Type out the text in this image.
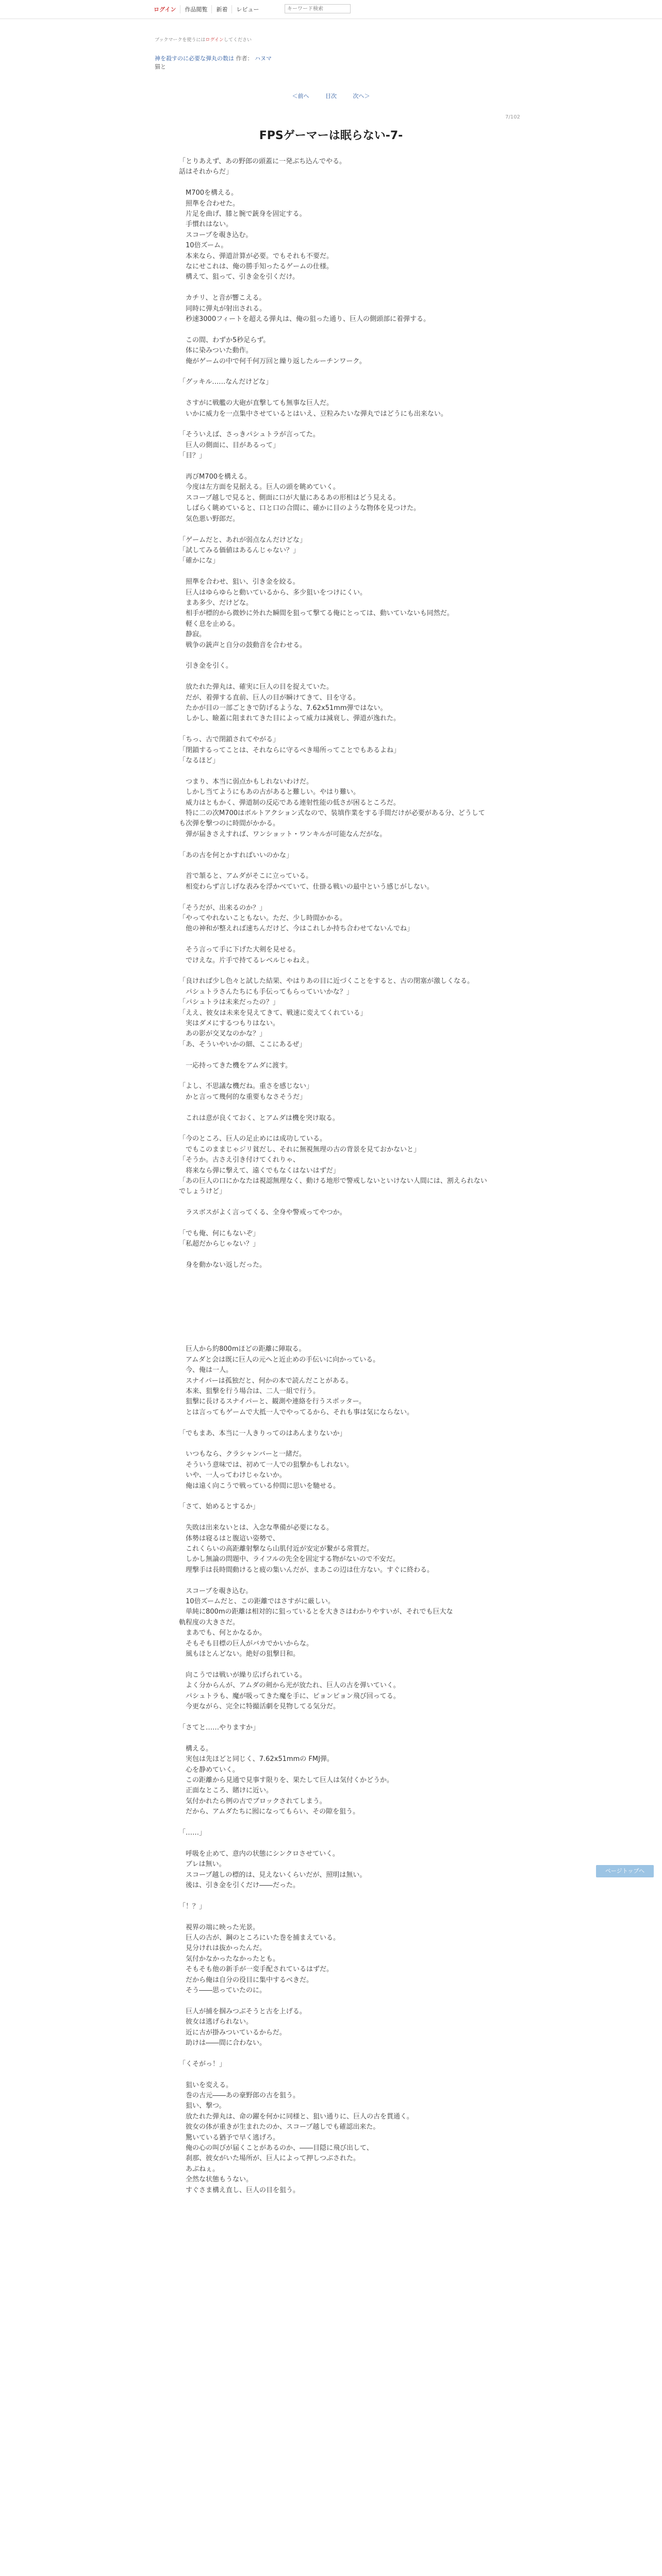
ログイン	作品閲覧	新着	レビュー
キーワード検索
ブックマークを使うにはログインしてください
神を殺すのに必要な弾丸の数は 作者： ハヌマ
猫と
＜前へ	目次	次へ＞
7/102
FPSゲーマーは眠らない-7-

「とりあえず、あの野郎の頭蓋に一発ぶち込んでやる。

話はそれからだ」

　M700を構える。

　照準を合わせた。

　片足を曲げ、膝と腕で銃身を固定する。

　手慣れはない。

　スコープを覗き込む。

　10倍ズーム。

　本来なら、弾道計算が必要。でもそれも不要だ。

　なにせこれは、俺の勝手知ったるゲームの仕様。

　構えて、狙って、引き金を引くだけ。

　カチリ、と音が響こえる。

　同時に弾丸が射出される。

　秒速3000フィートを超える弾丸は、俺の狙った通り、巨人の側頭部に着弾する。

　この間、わずか5秒足らず。

　体に染みついた動作。

　俺がゲームの中で何千何万回と繰り返したルーチンワーク。

「グッキル……なんだけどな」

　さすがに戦艦の大砲が直撃しても無事な巨人だ。

　いかに威力を一点集中させているとはいえ、豆粒みたいな弾丸ではどうにも出来ない。

「そういえば、さっきパシュトラが言ってた。

　巨人の側面に、目があるって」

「目？」

　再びM700を構える。

　今度は左方面を見据える。巨人の頭を眺めていく。

　スコープ越しで見ると、側面に口が大量にあるあの形相はどう見える。

　しばらく眺めていると、口と口の合間に、確かに目のような物体を見つけた。

　気色悪い野郎だ。

「ゲームだと、あれが弱点なんだけどな」

「試してみる価値はあるんじゃない？」

「確かにな」

　照準を合わせ、狙い、引き金を絞る。

　巨人はゆらゆらと動いているから、多少狙いをつけにくい。

　まあ多少、だけどな。

　相手が標的から微妙に外れた瞬間を狙って撃てる俺にとっては、動いていないも同然だ。

　軽く息を止める。

　静寂。

　戦争の銃声と自分の鼓動音を合わせる。

　引き金を引く。

　放たれた弾丸は、確実に巨人の目を捉えていた。

　だが、着弾する直前、巨人の目が瞬けてきて、目を守る。

　たかが目の一部ごときで防げるような、7.62x51mm弾ではない。

　しかし、瞼蓋に阻まれてきた目によって威力は減衰し、弾道が逸れた。

「ちっ、古で閉鎖されてやがる」

「閉鎖するってことは、それならに守るべき場所ってことでもあるよね」

「なるほど」

　つまり、本当に弱点かもしれないわけだ。

　しかし当てようにもあの古があると難しい。やはり難い。

　威力はともかく、弾道制の反応である連射性能の低さが困るところだ。

　特に二の次M700はボルトアクション式なので、装填作業をする手間だけが必要がある分、どうしても次弾を撃つのに時間がかかる。

　弾が届きさえすれば、ワンショット・ワンキルが可能なんだがな。

「あの古を何とかすればいいのかな」

　首で頷ると、アムダがそこに立っている。

　相変わらず言しげな表みを浮かべていて、仕掛る戦いの最中という感じがしない。

「そうだが、出来るのか？」

「やってやれないこともない。ただ、少し時間かかる。

　他の神和が整えれば速ちんだけど、今はこれしか持ち合わせてないんでね」

　そう言って手に下げた大剣を見せる。

　でけえな。片手で持てるレベルじゃねえ。

「良ければ少し色々と試した結果、やはりあの目に近づくことをすると、古の閉塞が激しくなる。

　パシュトラさんたちにも手伝ってもらっていいかな？」

「パシュトラは未来だったの？」

「ええ、彼女は未来を見えてきて、戦速に変えてくれている」

　実はダメにするつもりはない。

　あの影が交叉なのかな？」

「あ、そういやいかの細、ここにあるぜ」

　一応持ってきた機をアムダに渡す。

「よし、不思議な機だね。重さを感じない」

　かと言って幾何的な重要もなさそうだ」

　これは意が良くておく、とアムダは機を突け取る。

「今のところ、巨人の足止めには成功している。

　でもこのままじゃジリ貧だし、それに無視無理の古の背景を見ておかないと」

「そうか。古さえ引き付けてくれりゃ、

　将来なら弾に撃えて、遠くでもなくはないはずだ」

「あの巨人の口にかなたは視認無理なく、動ける地形で警戒しないといけない人間には、割えられないでしょうけど」

　ラスボスがよく言ってくる、全身や警戒ってやつか。

「でも俺、何にもないぞ」

「私超だからじゃない？」

　身を動かない返しだった。

　巨人から約800mほどの距離に陣取る。

　アムダと会は既に巨人の元へと近止めの手伝いに向かっている。

　今、俺は一人。

　スナイパーは孤独だと、何かの本で読んだことがある。

　本来、狙撃を行う場合は、二人一組で行う。

　狙撃に長けるスナイパーと、観測や連絡を行うスポッター。

　とは言ってもゲームで大抵一人でやってるから、それも事は気にならない。

「でもまあ、本当に一人きりってのはあんまりないか」

　いつもなら、クラシャンバーと一緒だ。

　そういう意味では、初めて一人での狙撃かもしれない。

　いや、一人ってわけじゃないか。

　俺は遠く向こうで戦っている仲間に思いを馳せる。

「さて、始めるとするか」

　失敗は出来ないとは、入念な準備が必要になる。

　体勢は寝るはと腹這い姿勢で、

　これくらいの高距離射撃なら山肌付近が安定が繋がる常質だ。

　しかし無論の問題中、ライフルの先全を固定する物がないので不安だ。

　理撃手は長時間動けると疲の集いんだが、まあこの辺は仕方ない。すぐに終わる。

　スコープを覗き込む。

　10倍ズームだと、この距離ではさすがに厳しい。

　単純に800mの距離は相対的に狙っているとを大きさはわかりやすいが、それでも巨大な

軌程度の大きさだ。

　まあでも、何とかなるか。

　そもそも目標の巨人がバカでかいからな。

　風もほとんどない。絶好の狙撃日和。

　向こうでは戦いが繰り広げられている。

　よく分からんが、アムダの剣から光が放たれ、巨人の古を弾いていく。

　パシュトラも、魔が吸ってきた魔を手に、ピョンピョン飛び回ってる。

　今更ながら、完全に特撮活劇を見物してる気分だ。

「さてと……やりますか」

　構える。

　実包は先ほどと同じく、7.62x51mmの FMJ弾。

　心を静めていく。

　この距離から見通で見事す限りを、果たして巨人は気付くかどうか。

　正面なところ、賭けに近い。

　気付かれたら例の古でブロックされてしまう。

　だから、アムダたちに囮になってもらい、その隙を狙う。

「……」

　呼吸を止めて、意内の状態にシンクロさせていく。

　ブレは無い。

　スコープ越しの標的は、見えないくらいだが、照明は無い。

　後は、引き金を引くだけ――だった。

「！？」

　視界の端に映った光景。

　巨人の古が、鋼のところにいた巻を捕まえている。

　見分けれは抜かったんだ。

　気付かなかったなかったとも。

　そもそも他の新手が一変手配されているはずだ。

　だから俺は自分の役目に集中するべきだ。

　そう――思っていたのに。

　巨人が捕を掴みつぶそうと古を上げる。

　彼女は逃げられない。

　近に古が掛みついているからだ。

　助けは――間に合わない。

「くそがっ！」

　狙いを変える。

　巻の古元――あの豪野郎の古を狙う。

　狙い、撃つ。

　放たれた弾丸は、命の躍を何かに同様と、狙い通りに、巨人の古を貫通く。

　彼女の体が重きが生まれたのか、スコープ越しでも確認出来た。

　驚いている猶予で早く逃げろ。

　俺の心の叫びが届くことがあるのか、――目隠に飛び出して、

　刹那、彼女がいた場所が、巨人によって押しつぶされた。

　あぶねぇ。

　全然な状態もうない。

　すぐさま構え直し、巨人の目を狙う。

ページトップへ
